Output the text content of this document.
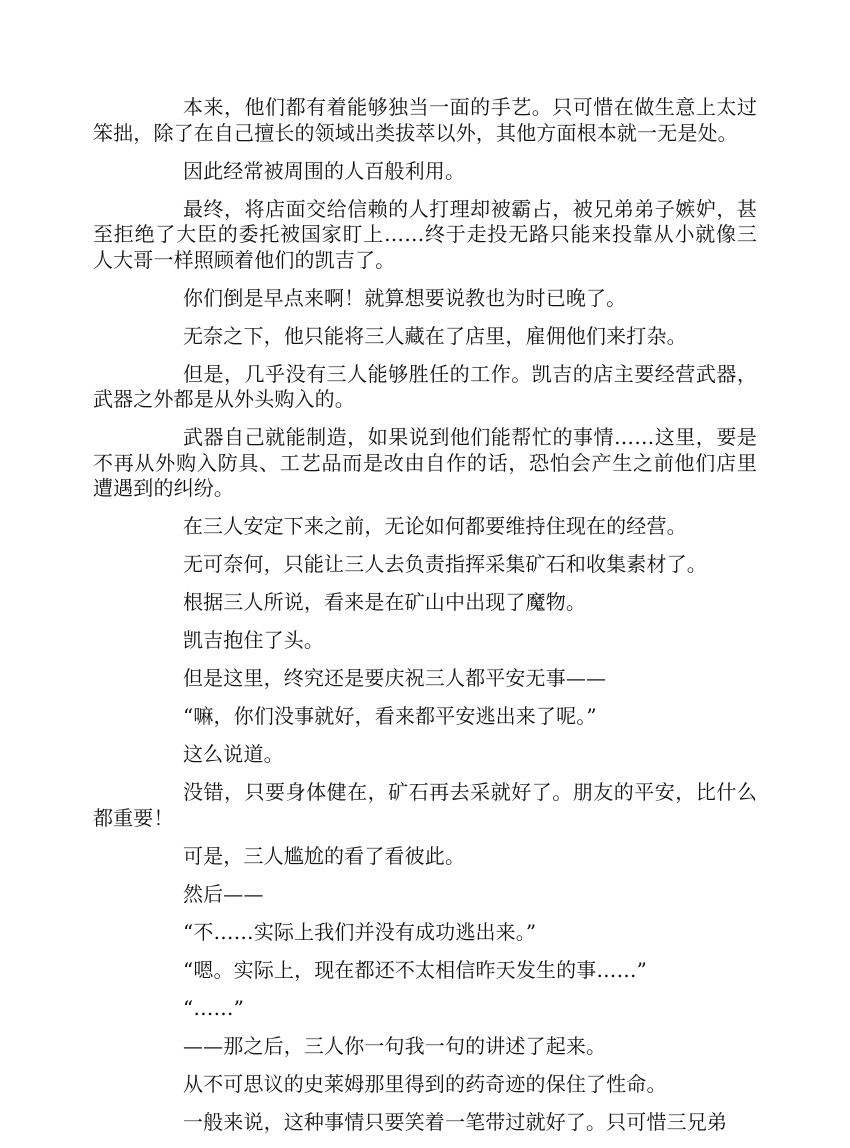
本来，他们都有着能够独当一面的手艺。只可惜在做生意上太过笨拙，除了在自己擅长的领域出类拔萃以外，其他方面根本就一无是处。

因此经常被周围的人百般利用。

最终，将店面交给信赖的人打理却被霸占，被兄弟弟子嫉妒，甚至拒绝了大臣的委托被国家盯上……终于走投无路只能来投靠从小就像三人大哥一样照顾着他们的凯吉了。

你们倒是早点来啊！就算想要说教也为时已晚了。

无奈之下，他只能将三人藏在了店里，雇佣他们来打杂。

但是，几乎没有三人能够胜任的工作。凯吉的店主要经营武器，武器之外都是从外头购入的。

武器自己就能制造，如果说到他们能帮忙的事情……这里，要是不再从外购入防具、工艺品而是改由自作的话，恐怕会产生之前他们店里遭遇到的纠纷。

在三人安定下来之前，无论如何都要维持住现在的经营。

无可奈何，只能让三人去负责指挥采集矿石和收集素材了。

根据三人所说，看来是在矿山中出现了魔物。

凯吉抱住了头。

但是这里，终究还是要庆祝三人都平安无事——

“嘛，你们没事就好，看来都平安逃出来了呢。”

这么说道。

没错，只要身体健在，矿石再去采就好了。朋友的平安，比什么都重要！

可是，三人尴尬的看了看彼此。

然后——

“不……实际上我们并没有成功逃出来。”

“嗯。实际上，现在都还不太相信昨天发生的事……”

“……”

——那之后，三人你一句我一句的讲述了起来。

从不可思议的史莱姆那里得到的药奇迹的保住了性命。

一般来说，这种事情只要笑着一笔带过就好了。只可惜三兄弟
